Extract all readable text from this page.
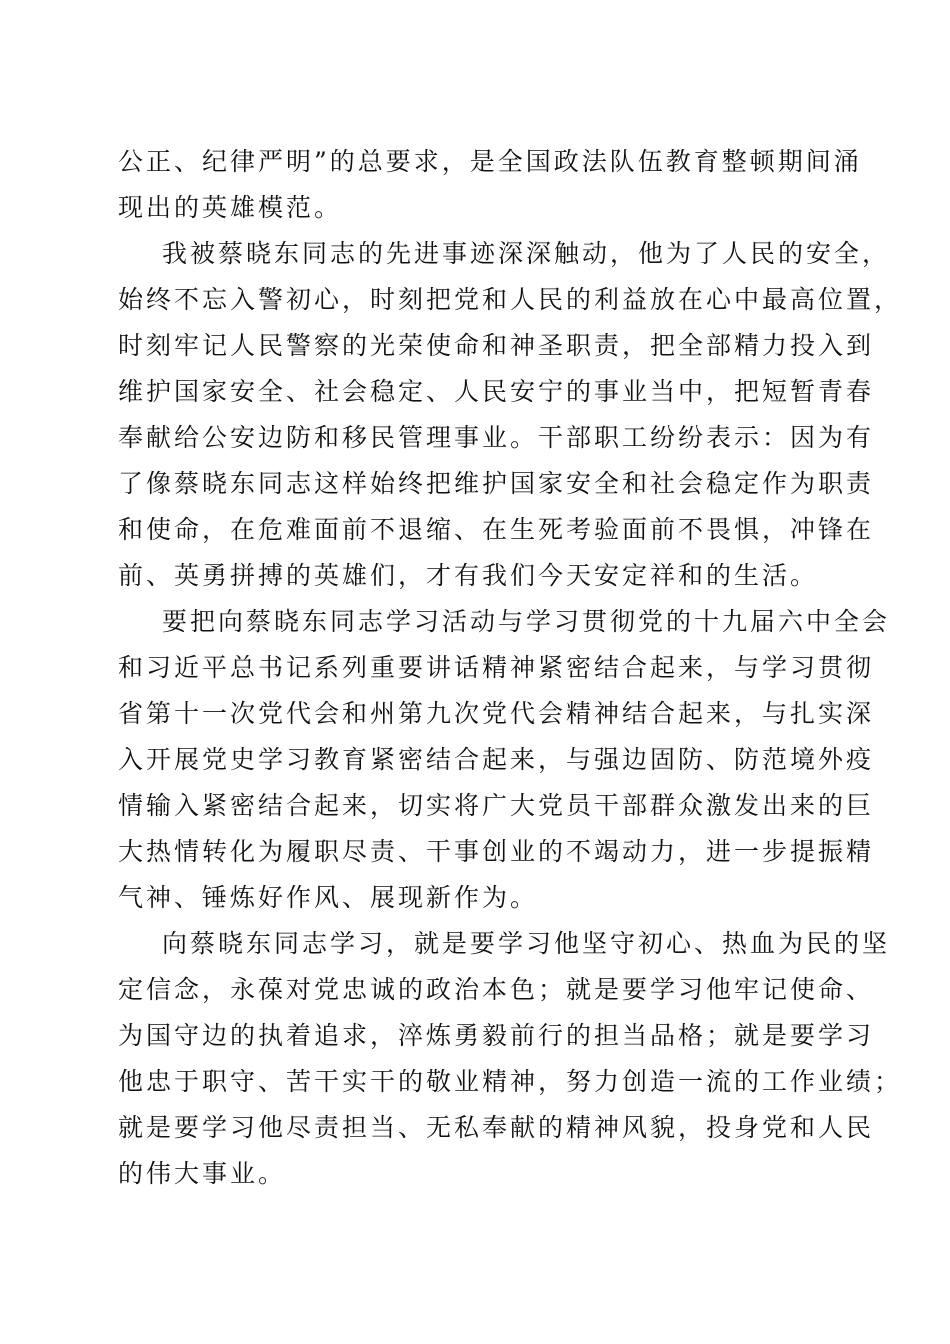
公正、纪律严明”的总要求，是全国政法队伍教育整顿期间涌
现出的英雄模范。
我被蔡晓东同志的先进事迹深深触动，他为了人民的安全，
始终不忘入警初心，时刻把党和人民的利益放在心中最高位置，
时刻牢记人民警察的光荣使命和神圣职责，把全部精力投入到
维护国家安全、社会稳定、人民安宁的事业当中，把短暂青春
奉献给公安边防和移民管理事业。干部职工纷纷表示：因为有
了像蔡晓东同志这样始终把维护国家安全和社会稳定作为职责
和使命，在危难面前不退缩、在生死考验面前不畏惧，冲锋在
前、英勇拼搏的英雄们，才有我们今天安定祥和的生活。
要把向蔡晓东同志学习活动与学习贯彻党的十九届六中全会
和习近平总书记系列重要讲话精神紧密结合起来，与学习贯彻
省第十一次党代会和州第九次党代会精神结合起来，与扎实深
入开展党史学习教育紧密结合起来，与强边固防、防范境外疫
情输入紧密结合起来，切实将广大党员干部群众激发出来的巨
大热情转化为履职尽责、干事创业的不竭动力，进一步提振精
气神、锤炼好作风、展现新作为。
向蔡晓东同志学习，就是要学习他坚守初心、热血为民的坚
定信念，永葆对党忠诚的政治本色；就是要学习他牢记使命、
为国守边的执着追求，淬炼勇毅前行的担当品格；就是要学习
他忠于职守、苦干实干的敬业精神，努力创造一流的工作业绩；
就是要学习他尽责担当、无私奉献的精神风貌，投身党和人民
的伟大事业。
